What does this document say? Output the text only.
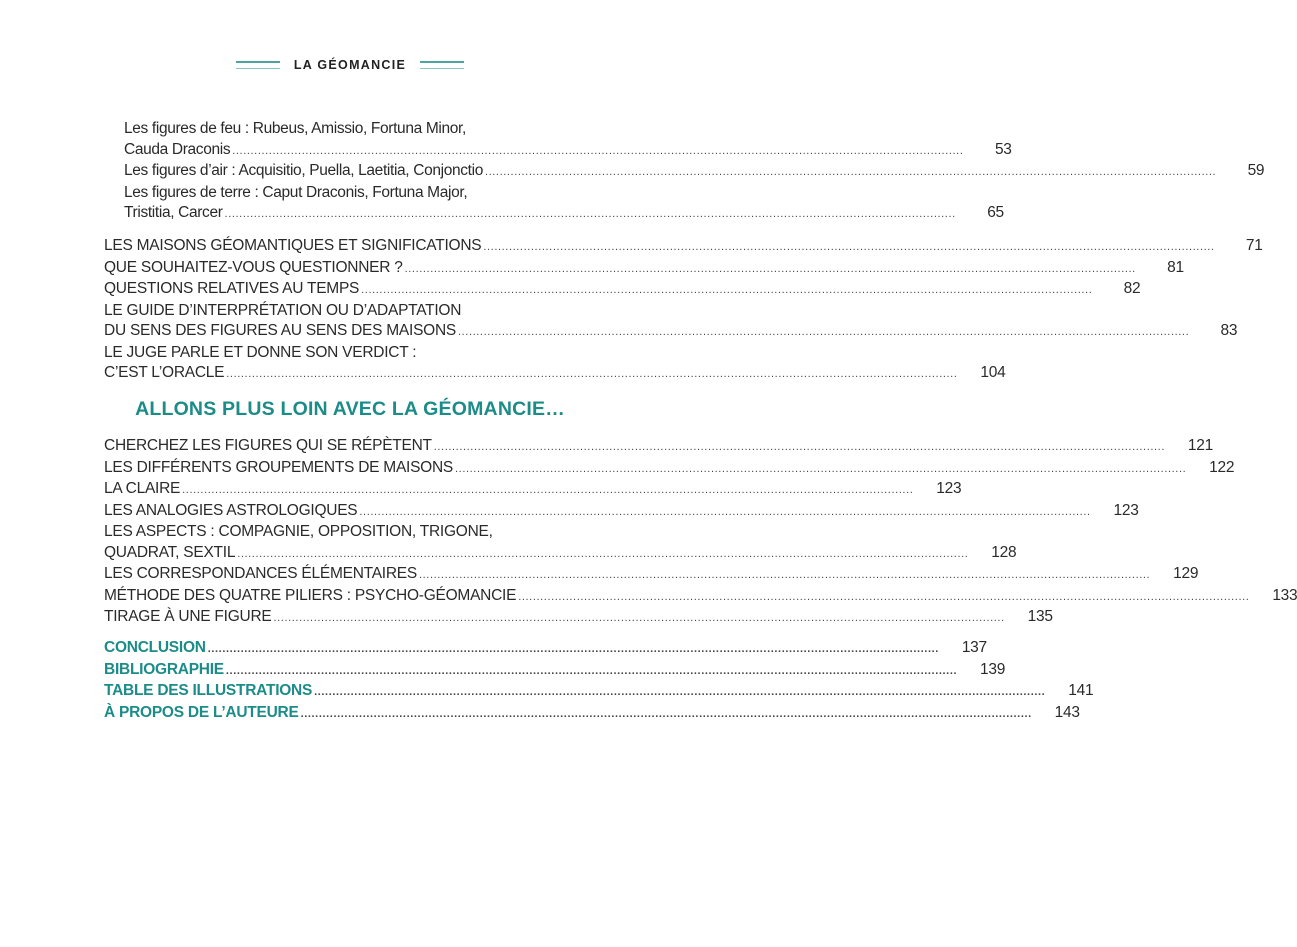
LA GÉOMANCIE
Les figures de feu : Rubeus, Amissio, Fortuna Minor,
Cauda Draconis ........................................................................................................................................................................................................	53
Les figures d’air : Acquisitio, Puella, Laetitia, Conjonctio ........................................................................................................................................................................................................	59
Les figures de terre : Caput Draconis, Fortuna Major,
Tristitia, Carcer ........................................................................................................................................................................................................	65
LES MAISONS GÉOMANTIQUES ET SIGNIFICATIONS ........................................................................................................................................................................................................	71
QUE SOUHAITEZ-VOUS QUESTIONNER ? ........................................................................................................................................................................................................	81
QUESTIONS RELATIVES AU TEMPS ........................................................................................................................................................................................................	82
LE GUIDE D’INTERPRÉTATION OU D’ADAPTATION
DU SENS DES FIGURES AU SENS DES MAISONS ........................................................................................................................................................................................................	83
LE JUGE PARLE ET DONNE SON VERDICT :
C’EST L’ORACLE ........................................................................................................................................................................................................	104
ALLONS PLUS LOIN AVEC LA GÉOMANCIE…
CHERCHEZ LES FIGURES QUI SE RÉPÈTENT ........................................................................................................................................................................................................	121
LES DIFFÉRENTS GROUPEMENTS DE MAISONS ........................................................................................................................................................................................................	122
LA CLAIRE ........................................................................................................................................................................................................	123
LES ANALOGIES ASTROLOGIQUES ........................................................................................................................................................................................................	123
LES ASPECTS : COMPAGNIE, OPPOSITION, TRIGONE,
QUADRAT, SEXTIL ........................................................................................................................................................................................................	128
LES CORRESPONDANCES ÉLÉMENTAIRES ........................................................................................................................................................................................................	129
MÉTHODE DES QUATRE PILIERS : PSYCHO-GÉOMANCIE ........................................................................................................................................................................................................	133
TIRAGE À UNE FIGURE ........................................................................................................................................................................................................	135
CONCLUSION ........................................................................................................................................................................................................	137
BIBLIOGRAPHIE ........................................................................................................................................................................................................	139
TABLE DES ILLUSTRATIONS ........................................................................................................................................................................................................	141
À PROPOS DE L’AUTEURE ........................................................................................................................................................................................................	143
